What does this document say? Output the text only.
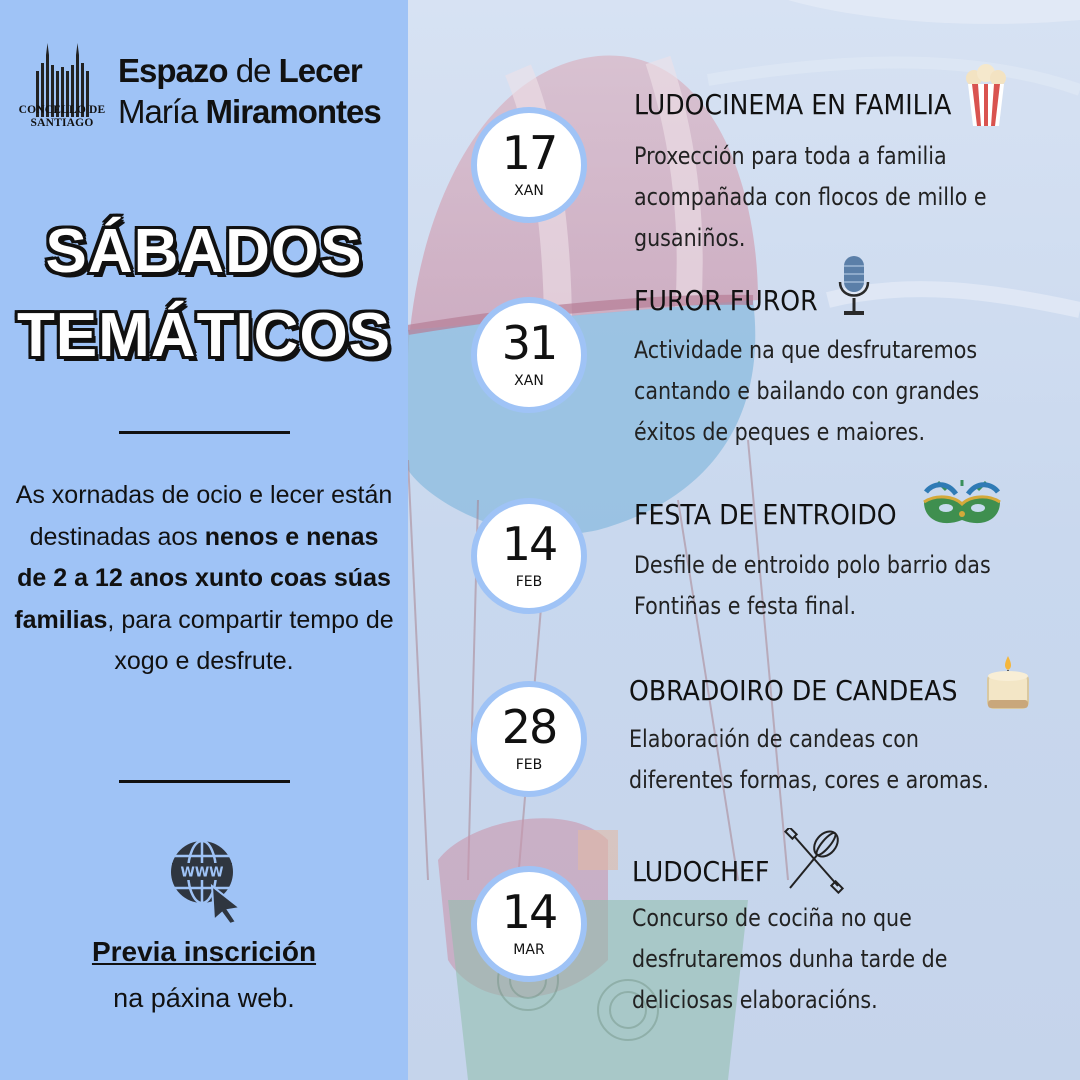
CONCELLO DE
SANTIAGO
Espazo de Lecer
María Miramontes
SÁBADOS
TEMÁTICOS
As xornadas de ocio e lecer están destinadas aos nenos e nenas de 2 a 12 anos xunto coas súas familias, para compartir tempo de xogo e desfrute.
WWW
Previa inscrición
na páxina web.
17
XAN
LUDOCINEMA EN FAMILIA
Proxección para toda a familia
acompañada con flocos de millo e
gusaniños.
31
XAN
FUROR FUROR
Actividade na que desfrutaremos
cantando e bailando con grandes
éxitos de peques e maiores.
14
FEB
FESTA DE ENTROIDO
Desfile de entroido polo barrio das
Fontiñas e festa final.
28
FEB
OBRADOIRO DE CANDEAS
Elaboración de candeas con
diferentes formas, cores e aromas.
14
MAR
LUDOCHEF
Concurso de cociña no que
desfrutaremos dunha tarde de
deliciosas elaboracións.
